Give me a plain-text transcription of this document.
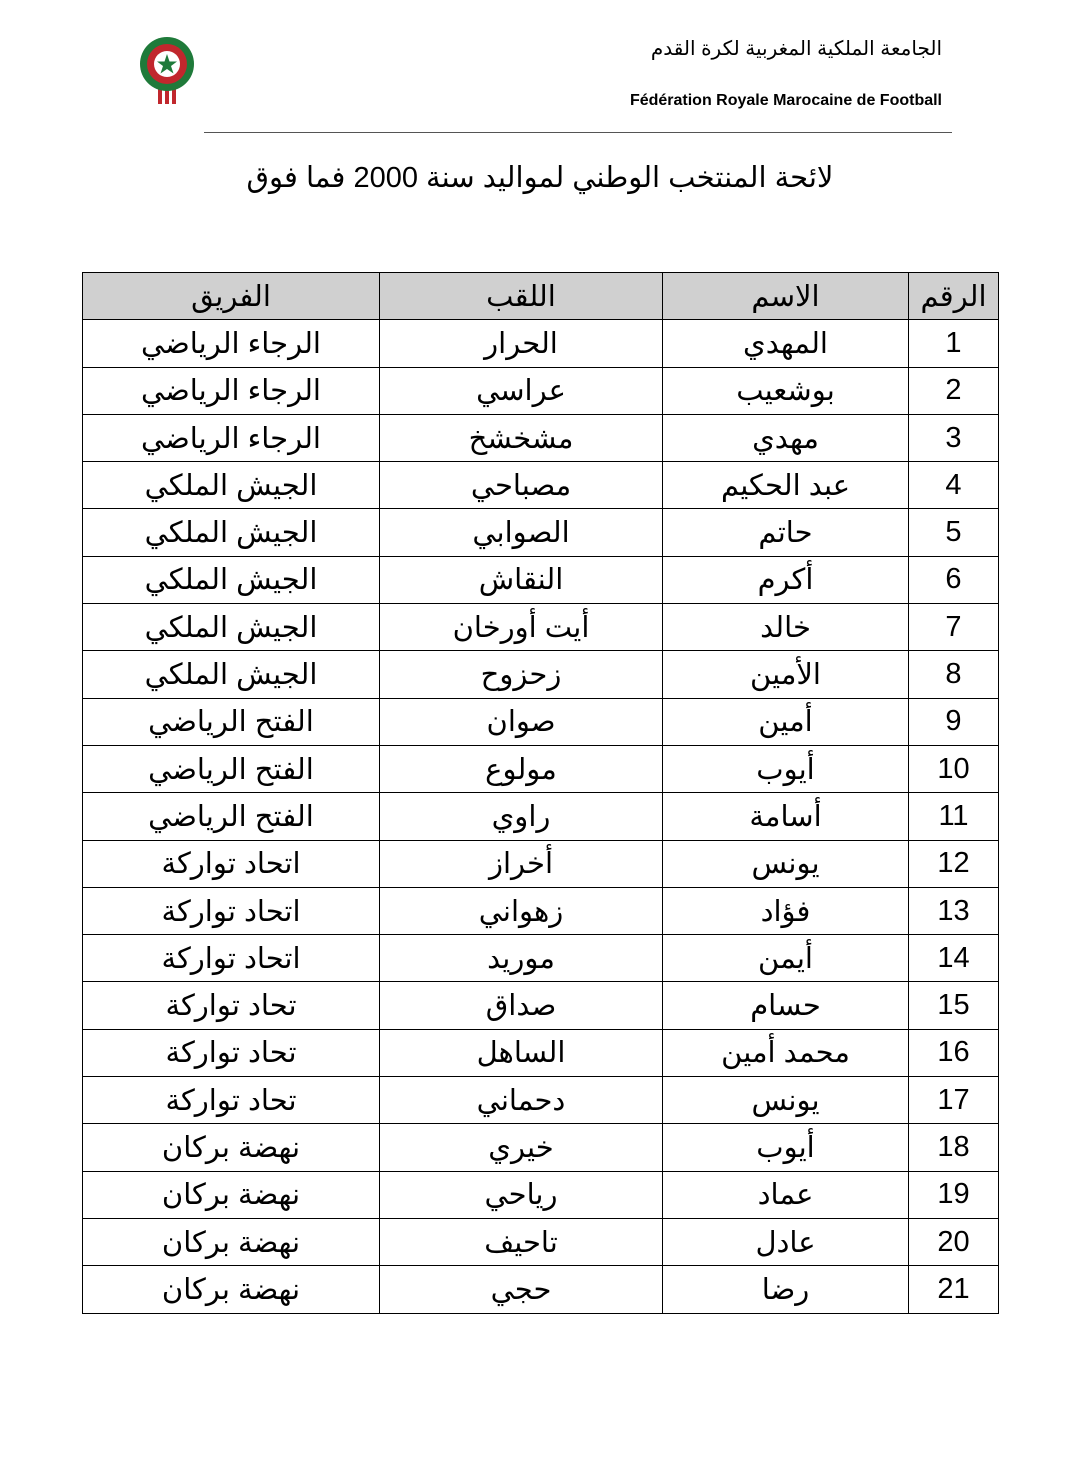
الجامعة الملكية المغربية لكرة القدم
Fédération Royale Marocaine de Football
لائحة المنتخب الوطني لمواليد سنة 2000 فما فوق
الرقم	الاسم	اللقب	الفريق
1	المهدي	الحرار	الرجاء الرياضي
2	بوشعيب	عراسي	الرجاء الرياضي
3	مهدي	مشخشخ	الرجاء الرياضي
4	عبد الحكيم	مصباحي	الجيش الملكي
5	حاتم	الصوابي	الجيش الملكي
6	أكرم	النقاش	الجيش الملكي
7	خالد	أيت أورخان	الجيش الملكي
8	الأمين	زحزوح	الجيش الملكي
9	أمين	صوان	الفتح الرياضي
10	أيوب	مولوع	الفتح الرياضي
11	أسامة	راوي	الفتح الرياضي
12	يونس	أخراز	اتحاد تواركة
13	فؤاد	زهواني	اتحاد تواركة
14	أيمن	موريد	اتحاد تواركة
15	حسام	صداق	تحاد تواركة
16	محمد أمين	الساهل	تحاد تواركة
17	يونس	دحماني	تحاد تواركة
18	أيوب	خيري	نهضة بركان
19	عماد	رياحي	نهضة بركان
20	عادل	تاحيف	نهضة بركان
21	رضا	حجي	نهضة بركان
